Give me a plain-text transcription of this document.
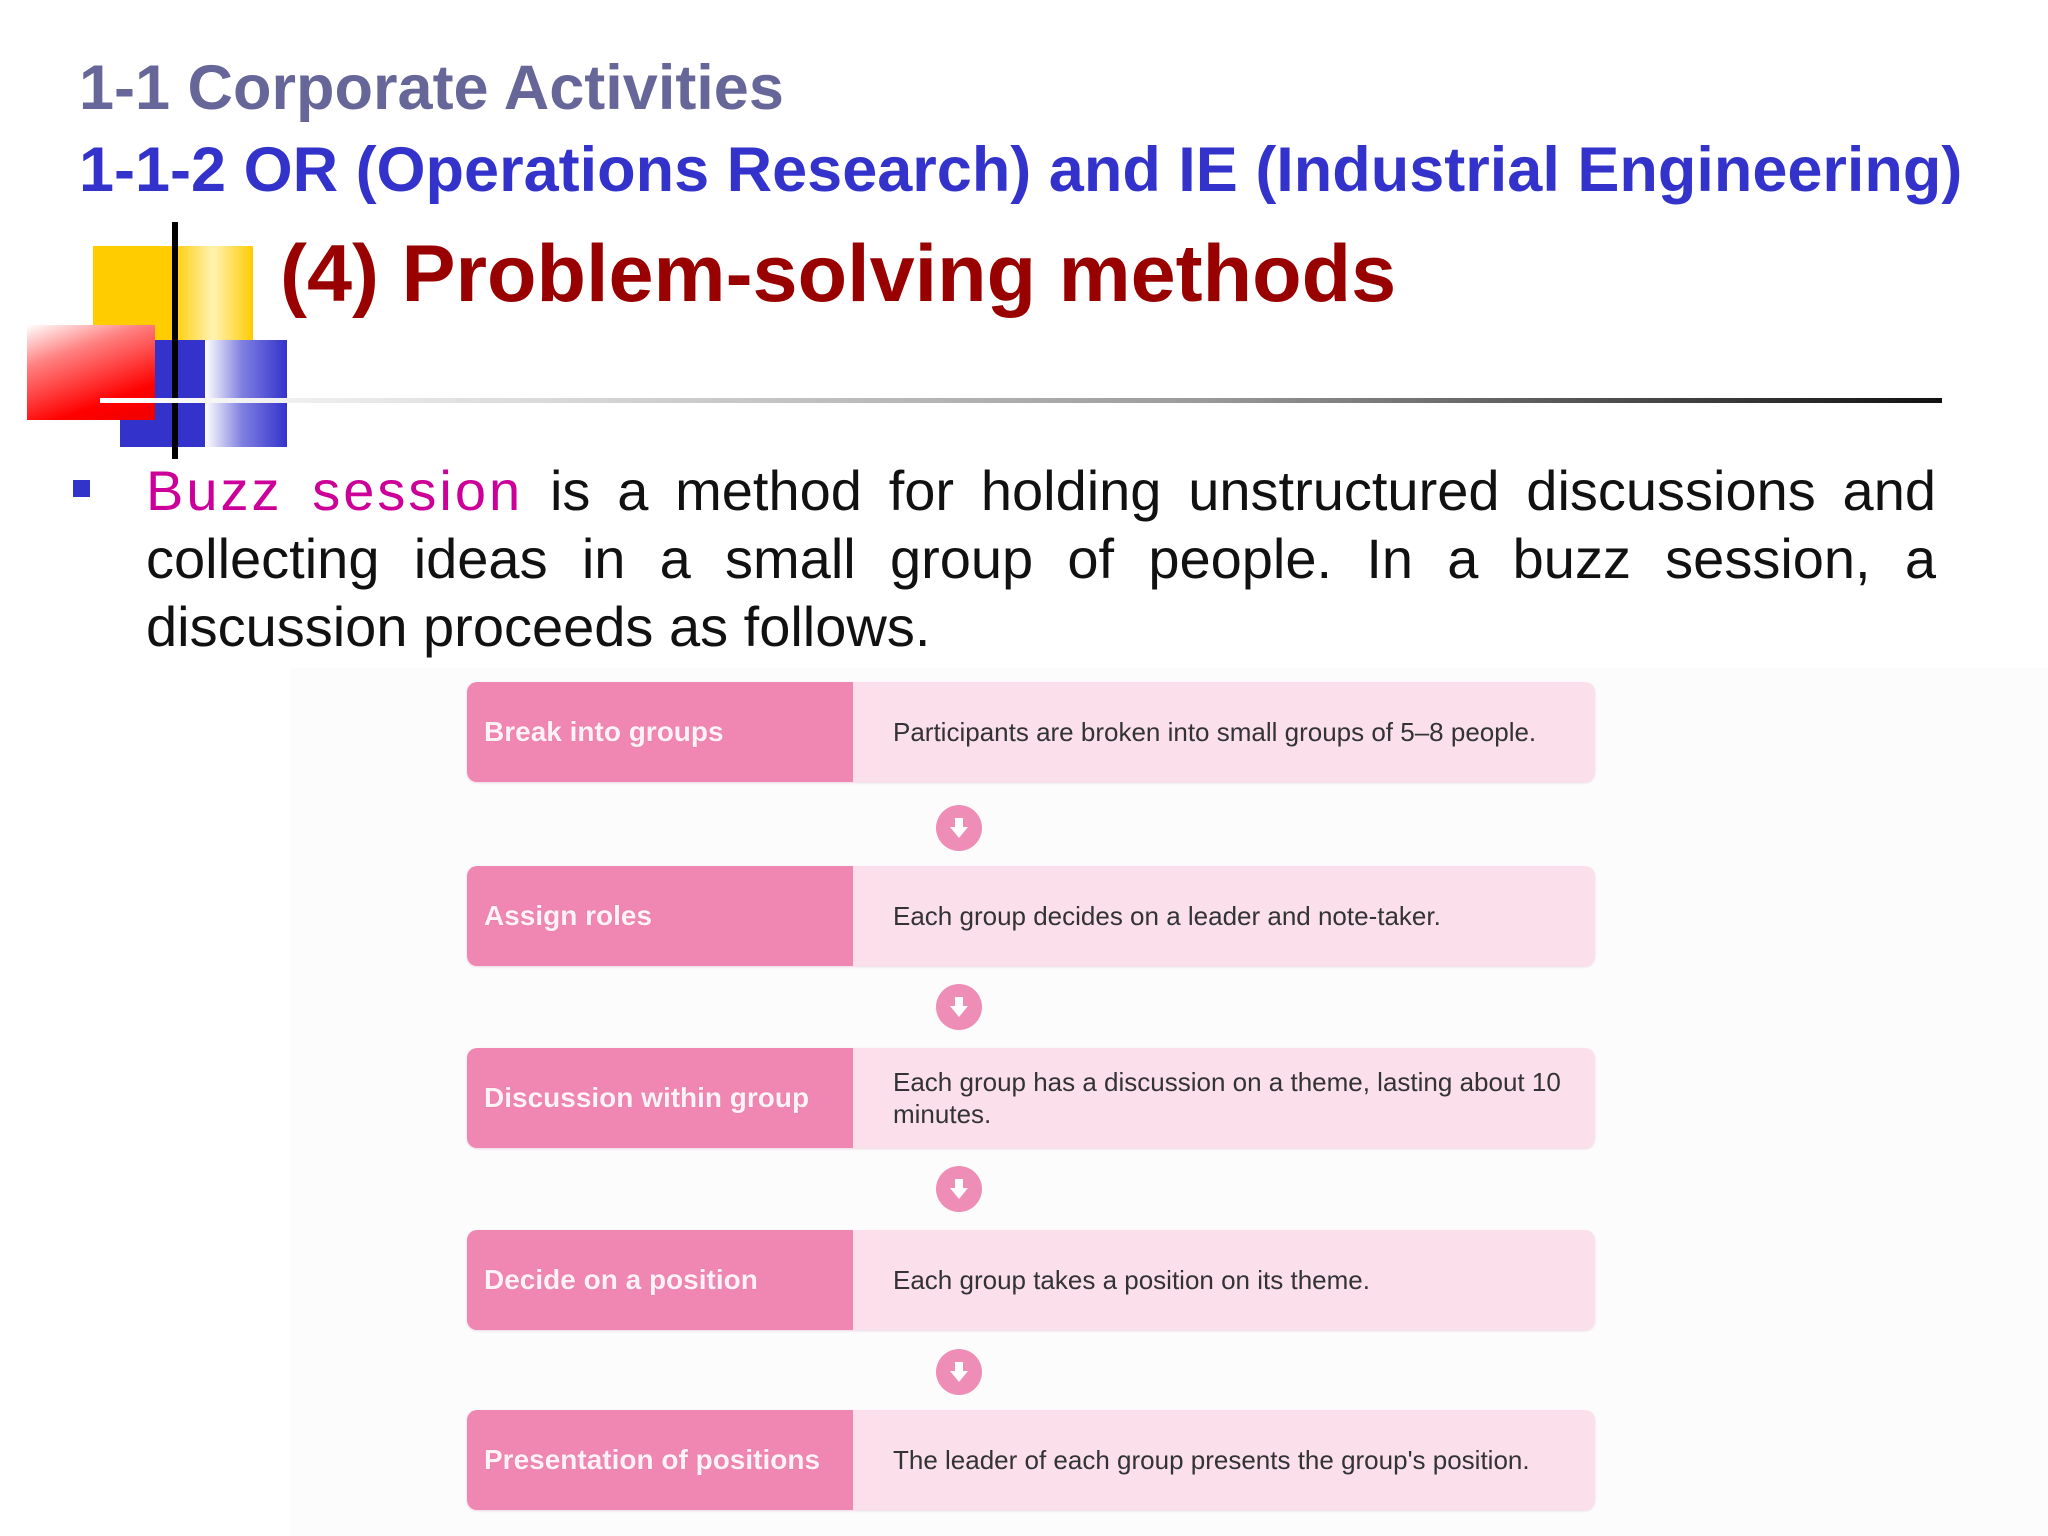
1-1 Corporate Activities
1-1-2 OR (Operations Research) and IE (Industrial Engineering)
(4) Problem-solving methods

Buzz session is a method for holding unstructured discussions and collecting ideas in a small group of people. In a buzz session, a discussion proceeds as follows.

Break into groups	Participants are broken into small groups of 5–8 people.
Assign roles	Each group decides on a leader and note-taker.
Discussion within group	Each group has a discussion on a theme, lasting about 10 minutes.
Decide on a position	Each group takes a position on its theme.
Presentation of positions	The leader of each group presents the group's position.
